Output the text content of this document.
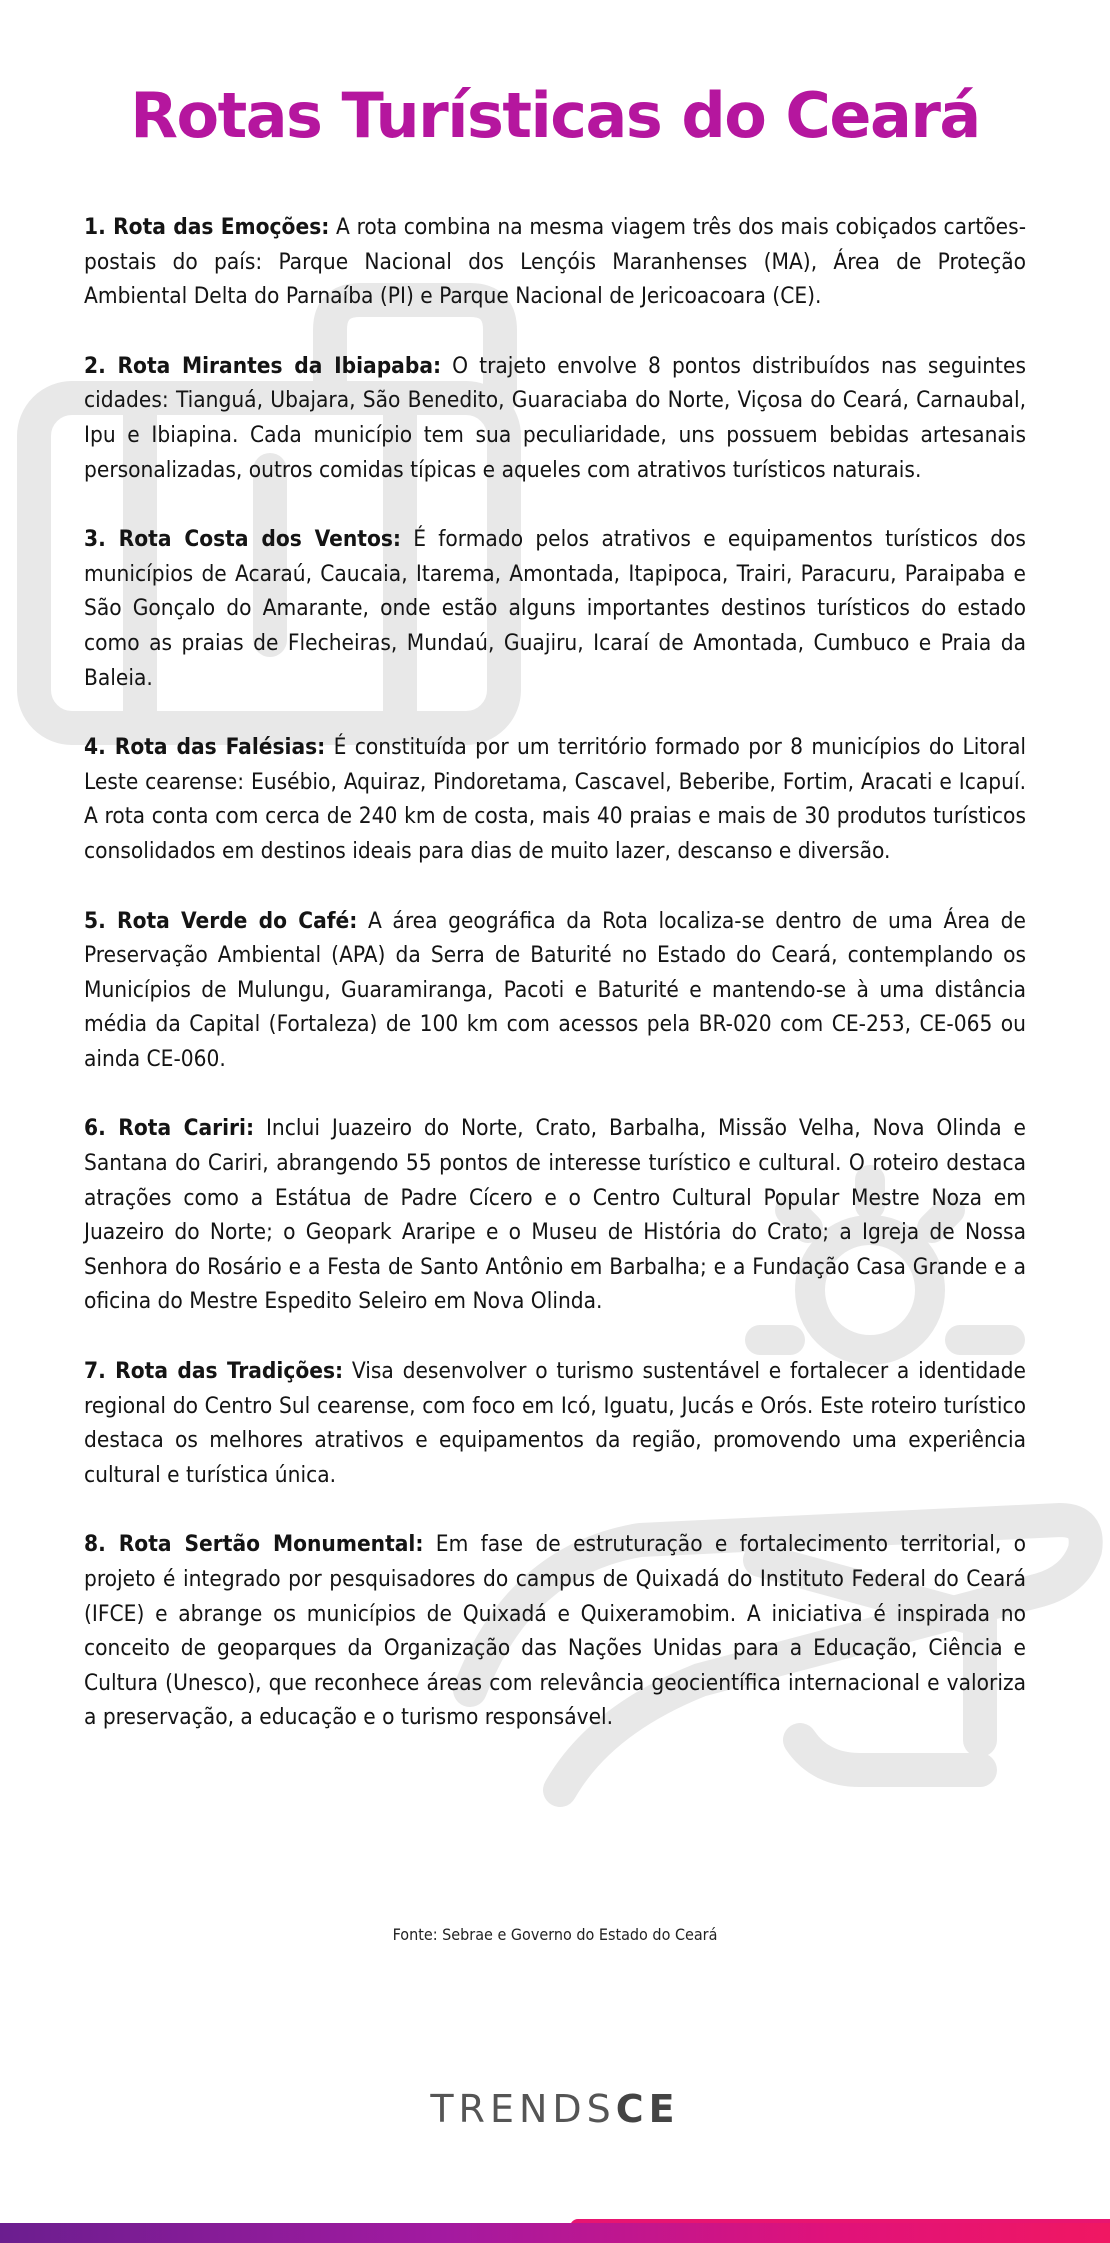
Rotas Turísticas do Ceará

1. Rota das Emoções: A rota combina na mesma viagem três dos mais cobiçados cartões-postais do país: Parque Nacional dos Lençóis Maranhenses (MA), Área de Proteção Ambiental Delta do Parnaíba (PI) e Parque Nacional de Jericoacoara (CE).

2. Rota Mirantes da Ibiapaba: O trajeto envolve 8 pontos distribuídos nas seguintes cidades: Tianguá, Ubajara, São Benedito, Guaraciaba do Norte, Viçosa do Ceará, Carnaubal, Ipu e Ibiapina. Cada município tem sua peculiaridade, uns possuem bebidas artesanais personalizadas, outros comidas típicas e aqueles com atrativos turísticos naturais.

3. Rota Costa dos Ventos: É formado pelos atrativos e equipamentos turísticos dos municípios de Acaraú, Caucaia, Itarema, Amontada, Itapipoca, Trairi, Paracuru, Paraipaba e São Gonçalo do Amarante, onde estão alguns importantes destinos turísticos do estado como as praias de Flecheiras, Mundaú, Guajiru, Icaraí de Amontada, Cumbuco e Praia da Baleia.

4. Rota das Falésias: É constituída por um território formado por 8 municípios do Litoral Leste cearense: Eusébio, Aquiraz, Pindoretama, Cascavel, Beberibe, Fortim, Aracati e Icapuí. A rota conta com cerca de 240 km de costa, mais 40 praias e mais de 30 produtos turísticos consolidados em destinos ideais para dias de muito lazer, descanso e diversão.

5. Rota Verde do Café: A área geográfica da Rota localiza-se dentro de uma Área de Preservação Ambiental (APA) da Serra de Baturité no Estado do Ceará, contemplando os Municípios de Mulungu, Guaramiranga, Pacoti e Baturité e mantendo-se à uma distância média da Capital (Fortaleza) de 100 km com acessos pela BR-020 com CE-253, CE-065 ou ainda CE-060.

6. Rota Cariri: Inclui Juazeiro do Norte, Crato, Barbalha, Missão Velha, Nova Olinda e Santana do Cariri, abrangendo 55 pontos de interesse turístico e cultural. O roteiro destaca atrações como a Estátua de Padre Cícero e o Centro Cultural Popular Mestre Noza em Juazeiro do Norte; o Geopark Araripe e o Museu de História do Crato; a Igreja de Nossa Senhora do Rosário e a Festa de Santo Antônio em Barbalha; e a Fundação Casa Grande e a oficina do Mestre Espedito Seleiro em Nova Olinda.

7. Rota das Tradições: Visa desenvolver o turismo sustentável e fortalecer a identidade regional do Centro Sul cearense, com foco em Icó, Iguatu, Jucás e Orós. Este roteiro turístico destaca os melhores atrativos e equipamentos da região, promovendo uma experiência cultural e turística única.

8. Rota Sertão Monumental: Em fase de estruturação e fortalecimento territorial, o projeto é integrado por pesquisadores do campus de Quixadá do Instituto Federal do Ceará (IFCE) e abrange os municípios de Quixadá e Quixeramobim. A iniciativa é inspirada no conceito de geoparques da Organização das Nações Unidas para a Educação, Ciência e Cultura (Unesco), que reconhece áreas com relevância geocientífica internacional e valoriza a preservação, a educação e o turismo responsável.

Fonte: Sebrae e Governo do Estado do Ceará
TRENDSCE
